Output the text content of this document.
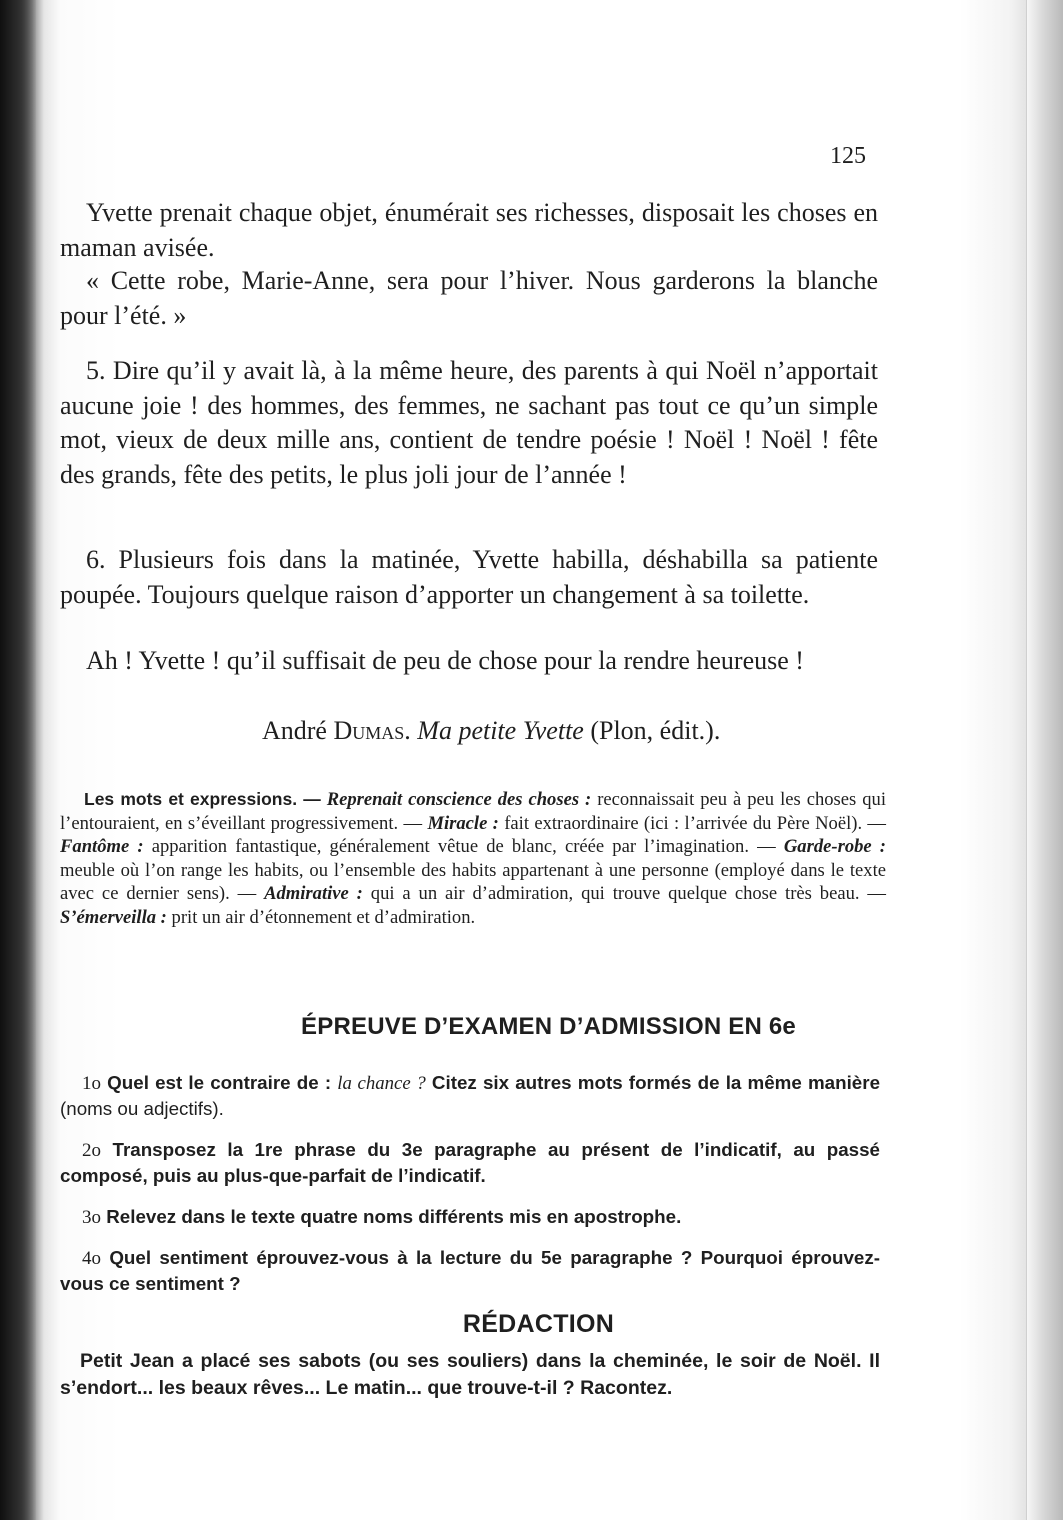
125

Yvette prenait chaque objet, énumérait ses richesses, disposait les choses en maman avisée.

« Cette robe, Marie-Anne, sera pour l’hiver. Nous garderons la blanche pour l’été. »

5. Dire qu’il y avait là, à la même heure, des parents à qui Noël n’apportait aucune joie ! des hommes, des femmes, ne sachant pas tout ce qu’un simple mot, vieux de deux mille ans, contient de tendre poésie ! Noël ! Noël ! fête des grands, fête des petits, le plus joli jour de l’année !

6. Plusieurs fois dans la matinée, Yvette habilla, déshabilla sa patiente poupée. Toujours quelque raison d’apporter un changement à sa toilette.

Ah ! Yvette ! qu’il suffisait de peu de chose pour la rendre heureuse !

André Dumas. Ma petite Yvette (Plon, édit.).

Les mots et expressions. — Reprenait conscience des choses : reconnaissait peu à peu les choses qui l’entouraient, en s’éveillant progressivement. — Miracle : fait extraordinaire (ici : l’arrivée du Père Noël). — Fantôme : apparition fantastique, généralement vêtue de blanc, créée par l’imagination. — Garde-robe : meuble où l’on range les habits, ou l’ensemble des habits appartenant à une personne (employé dans le texte avec ce dernier sens). — Admirative : qui a un air d’admiration, qui trouve quelque chose très beau. — S’émerveilla : prit un air d’étonnement et d’admiration.

ÉPREUVE D’EXAMEN D’ADMISSION EN 6e

1o Quel est le contraire de : la chance ? Citez six autres mots formés de la même manière (noms ou adjectifs).

2o Transposez la 1re phrase du 3e paragraphe au présent de l’indicatif, au passé composé, puis au plus-que-parfait de l’indicatif.

3o Relevez dans le texte quatre noms différents mis en apostrophe.

4o Quel sentiment éprouvez-vous à la lecture du 5e paragraphe ? Pourquoi éprouvez-vous ce sentiment ?

RÉDACTION

Petit Jean a placé ses sabots (ou ses souliers) dans la cheminée, le soir de Noël. Il s’endort... les beaux rêves... Le matin... que trouve-t-il ? Racontez.
